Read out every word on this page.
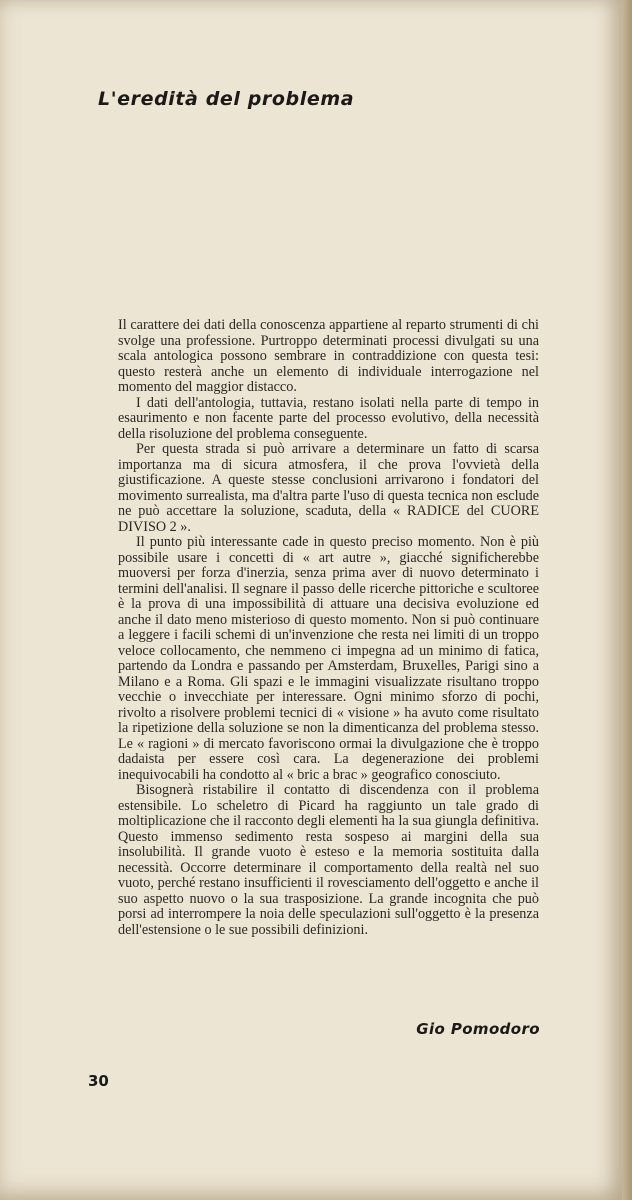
L'eredità del problema

Il carattere dei dati della conoscenza appartiene al reparto strumenti di chi svolge una professione. Purtroppo determinati processi divulgati su una scala antologica possono sembrare in contraddizione con questa tesi: questo resterà anche un elemento di individuale interrogazione nel momento del maggior distacco.

I dati dell'antologia, tuttavia, restano isolati nella parte di tempo in esaurimento e non facente parte del processo evolutivo, della necessità della risoluzione del problema conseguente.

Per questa strada si può arrivare a determinare un fatto di scarsa importanza ma di sicura atmosfera, il che prova l'ovvietà della giustificazione. A queste stesse conclusioni arrivarono i fondatori del movimento surrealista, ma d'altra parte l'uso di questa tecnica non esclude ne può accettare la soluzione, scaduta, della « RADICE del CUORE DIVISO 2 ».

Il punto più interessante cade in questo preciso momento. Non è più possibile usare i concetti di « art autre », giacché significherebbe muoversi per forza d'inerzia, senza prima aver di nuovo determinato i termini dell'analisi. Il segnare il passo delle ricerche pittoriche e scultoree è la prova di una impossibilità di attuare una decisiva evoluzione ed anche il dato meno misterioso di questo momento. Non si può continuare a leggere i facili schemi di un'invenzione che resta nei limiti di un troppo veloce collocamento, che nemmeno ci impegna ad un minimo di fatica, partendo da Londra e passando per Amsterdam, Bruxelles, Parigi sino a Milano e a Roma. Gli spazi e le immagini visualizzate risultano troppo vecchie o invecchiate per interessare. Ogni minimo sforzo di pochi, rivolto a risolvere problemi tecnici di « visione » ha avuto come risultato la ripetizione della soluzione se non la dimenticanza del problema stesso. Le « ragioni » di mercato favoriscono ormai la divulgazione che è troppo dadaista per essere così cara. La degenerazione dei problemi inequivocabili ha condotto al « bric a brac » geografico conosciuto.

Bisognerà ristabilire il contatto di discendenza con il problema estensibile. Lo scheletro di Picard ha raggiunto un tale grado di moltiplicazione che il racconto degli elementi ha la sua giungla definitiva. Questo immenso sedimento resta sospeso ai margini della sua insolubilità. Il grande vuoto è esteso e la memoria sostituita dalla necessità. Occorre determinare il comportamento della realtà nel suo vuoto, perché restano insufficienti il rovesciamento dell'oggetto e anche il suo aspetto nuovo o la sua trasposizione. La grande incognita che può porsi ad interrompere la noia delle speculazioni sull'oggetto è la presenza dell'estensione o le sue possibili definizioni.

Gio Pomodoro
30
